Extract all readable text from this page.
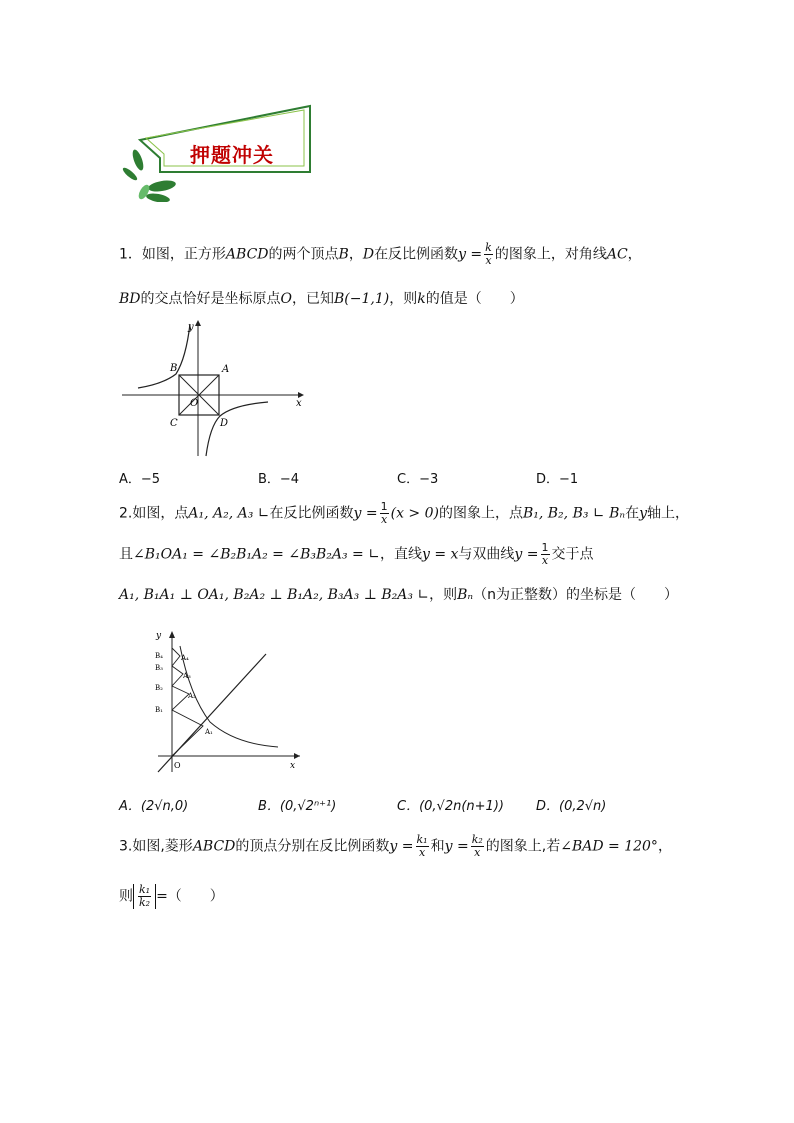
押题冲关
1．如图，正方形ABCD的两个顶点B，D在反比例函数$y = \frac{k}{x}$ 的图象上，对角线AC，
BD的交点恰好是坐标原点O，已知B(−1,1)，则k的值是（　　）
y
x
B	A
O
C	D
A．−5	B．−4	C．−3	D．−1
2.如图，点A₁, A₂, A₃ ∟在反比例函数$y = \frac{1}{x} (x > 0)$的图象上，点B₁, B₂, B₃ ∟ Bₙ在y轴上，
且∠B₁OA₁ = ∠B₂B₁A₂ = ∠B₃B₂A₃ = ∟，直线y = x与双曲线$y = \frac{1}{x}$ 交于点
A₁, B₁A₁ ⊥ OA₁, B₂A₂ ⊥ B₁A₂, B₃A₃ ⊥ B₂A₃ ∟，则Bₙ（n为正整数）的坐标是（　　）
y
x
O
B₄
B₃
B₂
B₁
A₄
A₃
A₂
A₁
A．(2√n,0)	B．(0,√2ⁿ⁺¹)	C．(0,√2n(n+1)) D．(0,2√n)
3.如图,菱形ABCD的顶点分别在反比例函数$y = \frac{\text{k₁}}{x}$ 和$y = \frac{\text{k₂}}{x}$ 的图象上,若∠BAD = 120°，
则 $\frac{\text{k₁}}{\text{k₂}}$ =（　　）
